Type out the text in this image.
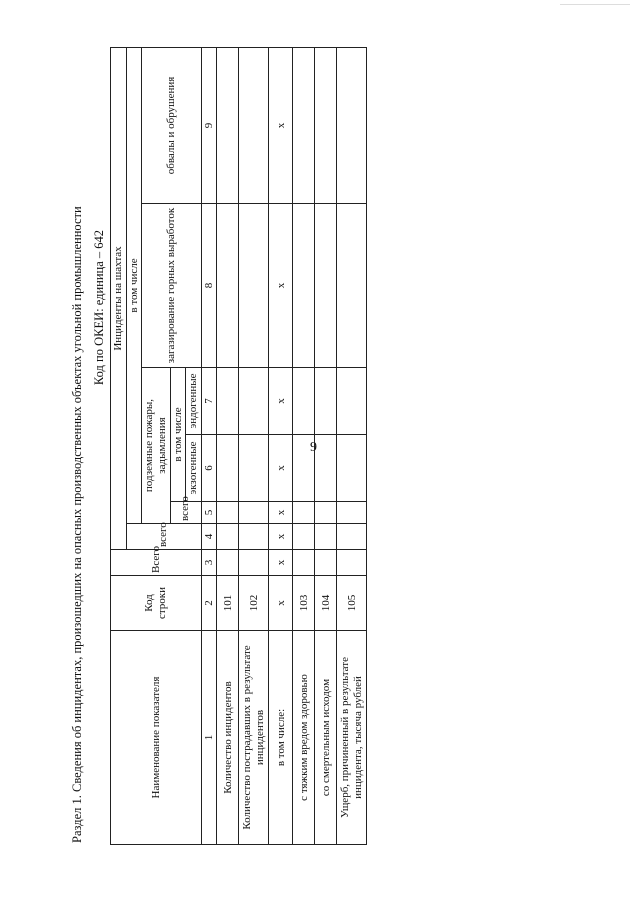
9
Раздел 1. Сведения об инцидентах, произошедших на опасных производственных объектах угольной промышленности Код по ОКЕИ: единица – 642
Наименование показателя	Код строки	Всего	Инциденты на шахтах					
			всего	в том числе				
				подземные пожары, задымления			загазирование горных выработок	обвалы и обрушения
				всего	в том числе			
					экзогенные	эндогенные		
1	2	3	4	5	6	7	8	9
Количество инцидентов	101							
Количество пострадавших в результате инцидентов	102							
в том числе:	х	х	х	х	х	х	х	х
с тяжким вредом здоровью	103							
со смертельным исходом	104							
Ущерб, причиненный в результате инцидента, тысяча рублей	105							
